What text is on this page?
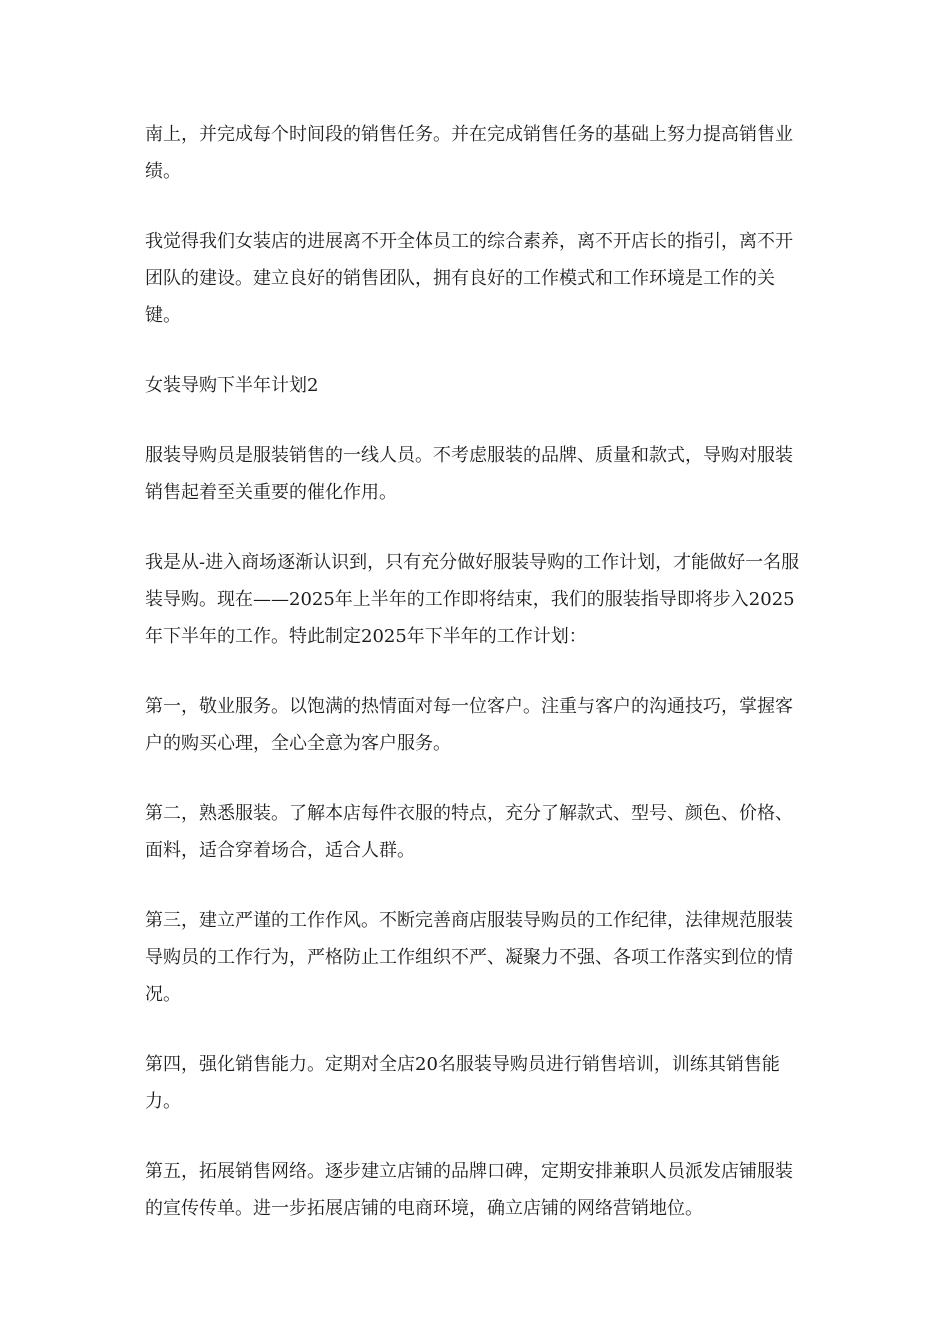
南上，并完成每个时间段的销售任务。并在完成销售任务的基础上努力提高销售业绩。

我觉得我们女装店的进展离不开全体员工的综合素养，离不开店长的指引，离不开团队的建设。建立良好的销售团队，拥有良好的工作模式和工作环境是工作的关键。

女装导购下半年计划2

服装导购员是服装销售的一线人员。不考虑服装的品牌、质量和款式，导购对服装销售起着至关重要的催化作用。

我是从-进入商场逐渐认识到，只有充分做好服装导购的工作计划，才能做好一名服装导购。现在——2025年上半年的工作即将结束，我们的服装指导即将步入2025年下半年的工作。特此制定2025年下半年的工作计划：

第一，敬业服务。以饱满的热情面对每一位客户。注重与客户的沟通技巧，掌握客户的购买心理，全心全意为客户服务。

第二，熟悉服装。了解本店每件衣服的特点，充分了解款式、型号、颜色、价格、面料，适合穿着场合，适合人群。

第三，建立严谨的工作作风。不断完善商店服装导购员的工作纪律，法律规范服装导购员的工作行为，严格防止工作组织不严、凝聚力不强、各项工作落实到位的情况。

第四，强化销售能力。定期对全店20名服装导购员进行销售培训，训练其销售能力。

第五，拓展销售网络。逐步建立店铺的品牌口碑，定期安排兼职人员派发店铺服装的宣传传单。进一步拓展店铺的电商环境，确立店铺的网络营销地位。
